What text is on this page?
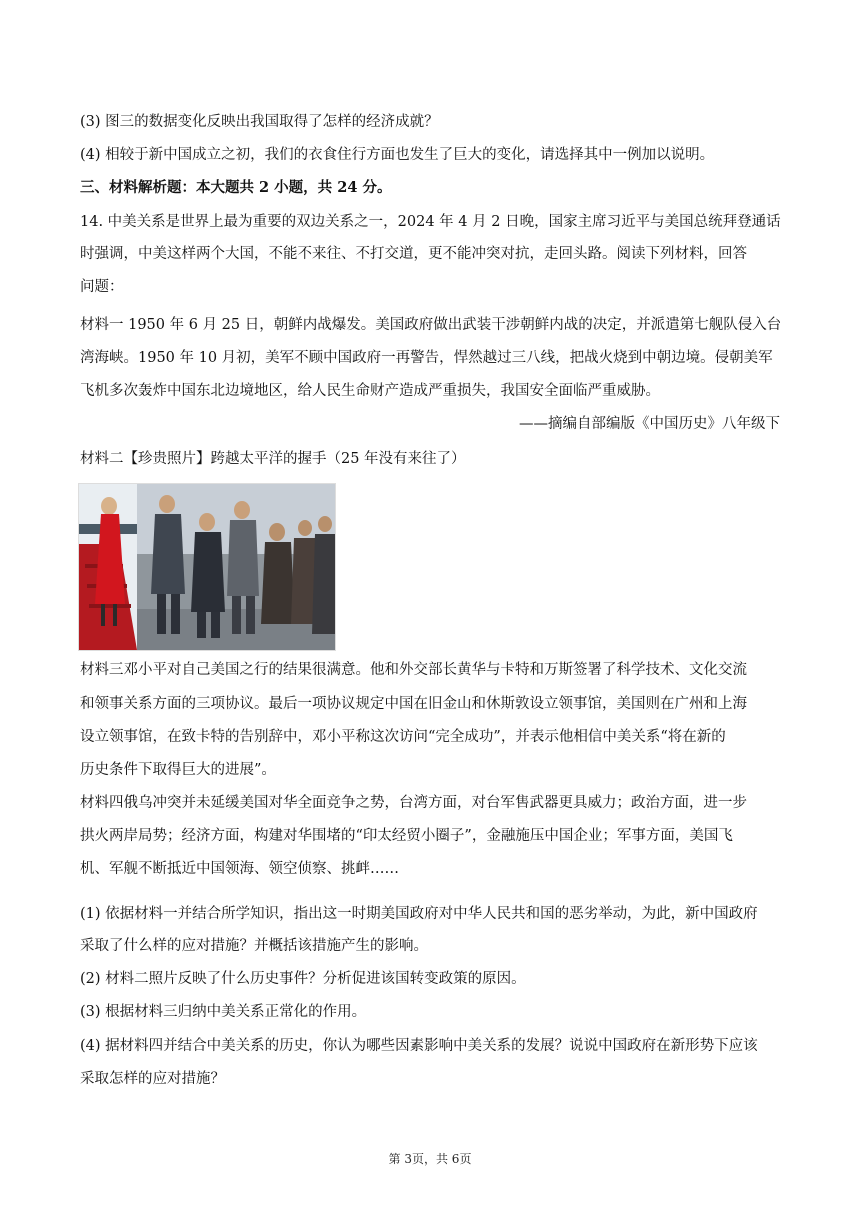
(3) 图三的数据变化反映出我国取得了怎样的经济成就？
(4) 相较于新中国成立之初，我们的衣食住行方面也发生了巨大的变化，请选择其中一例加以说明。
三、材料解析题：本大题共 2 小题，共 24 分。
14. 中美关系是世界上最为重要的双边关系之一，2024 年 4 月 2 日晚，国家主席习近平与美国总统拜登通话
时强调，中美这样两个大国，不能不来往、不打交道，更不能冲突对抗，走回头路。阅读下列材料，回答
问题：
材料一 1950 年 6 月 25 日，朝鲜内战爆发。美国政府做出武装干涉朝鲜内战的决定，并派遣第七舰队侵入台
湾海峡。1950 年 10 月初，美军不顾中国政府一再警告，悍然越过三八线，把战火烧到中朝边境。侵朝美军
飞机多次轰炸中国东北边境地区，给人民生命财产造成严重损失，我国安全面临严重威胁。
——摘编自部编版《中国历史》八年级下
材料二【珍贵照片】跨越太平洋的握手（25 年没有来往了）
材料三邓小平对自己美国之行的结果很满意。他和外交部长黄华与卡特和万斯签署了科学技术、文化交流
和领事关系方面的三项协议。最后一项协议规定中国在旧金山和休斯敦设立领事馆，美国则在广州和上海
设立领事馆，在致卡特的告别辞中，邓小平称这次访问“完全成功”，并表示他相信中美关系“将在新的
历史条件下取得巨大的进展”。
材料四俄乌冲突并未延缓美国对华全面竞争之势，台湾方面，对台军售武器更具威力；政治方面，进一步
拱火两岸局势；经济方面，构建对华围堵的“印太经贸小圈子”，金融施压中国企业；军事方面，美国飞
机、军舰不断抵近中国领海、领空侦察、挑衅……
(1) 依据材料一并结合所学知识，指出这一时期美国政府对中华人民共和国的恶劣举动，为此，新中国政府
采取了什么样的应对措施？并概括该措施产生的影响。
(2) 材料二照片反映了什么历史事件？分析促进该国转变政策的原因。
(3) 根据材料三归纳中美关系正常化的作用。
(4) 据材料四并结合中美关系的历史，你认为哪些因素影响中美关系的发展？说说中国政府在新形势下应该
采取怎样的应对措施？
第 3页，共 6页
